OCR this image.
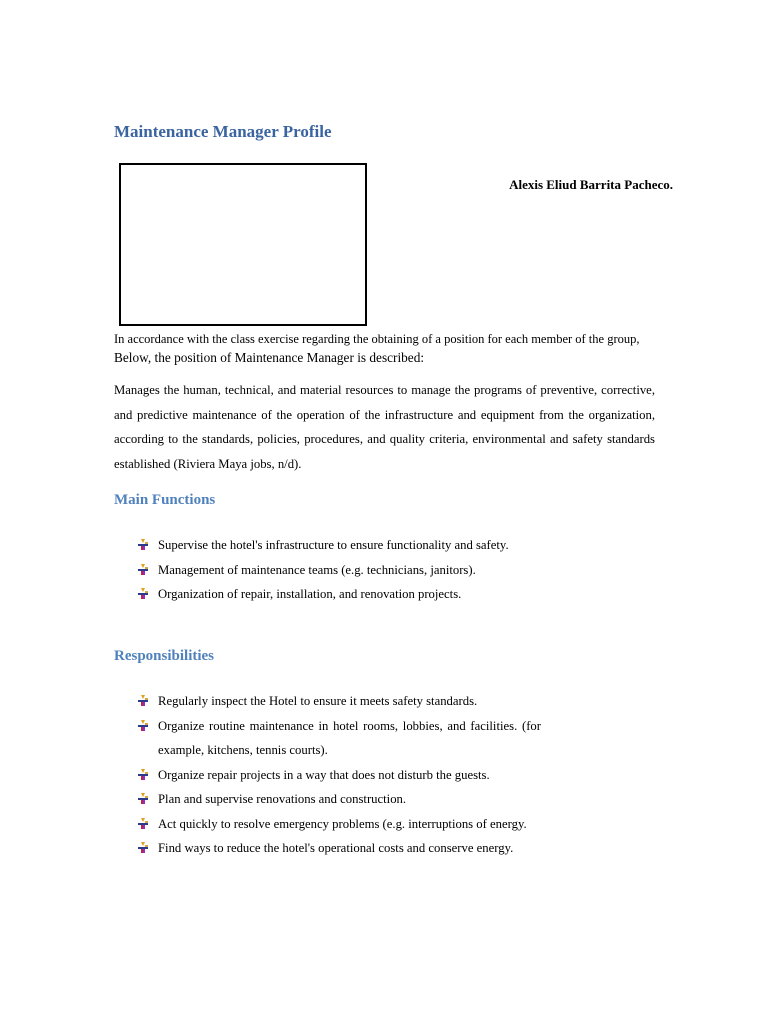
Maintenance Manager Profile
Alexis Eliud Barrita Pacheco.
In accordance with the class exercise regarding the obtaining of a position for each member of the group,
Below, the position of Maintenance Manager is described:

Manages the human, technical, and material resources to manage the programs of preventive, corrective, and predictive maintenance of the operation of the infrastructure and equipment from the organization, according to the standards, policies, procedures, and quality criteria, environmental and safety standards established (Riviera Maya jobs, n/d).

Main Functions
Supervise the hotel's infrastructure to ensure functionality and safety.
Management of maintenance teams (e.g. technicians, janitors).
Organization of repair, installation, and renovation projects.
Responsibilities
Regularly inspect the Hotel to ensure it meets safety standards.
Organize routine maintenance in hotel rooms, lobbies, and facilities. (for example, kitchens, tennis courts).
Organize repair projects in a way that does not disturb the guests.
Plan and supervise renovations and construction.
Act quickly to resolve emergency problems (e.g. interruptions of energy.
Find ways to reduce the hotel's operational costs and conserve energy.
